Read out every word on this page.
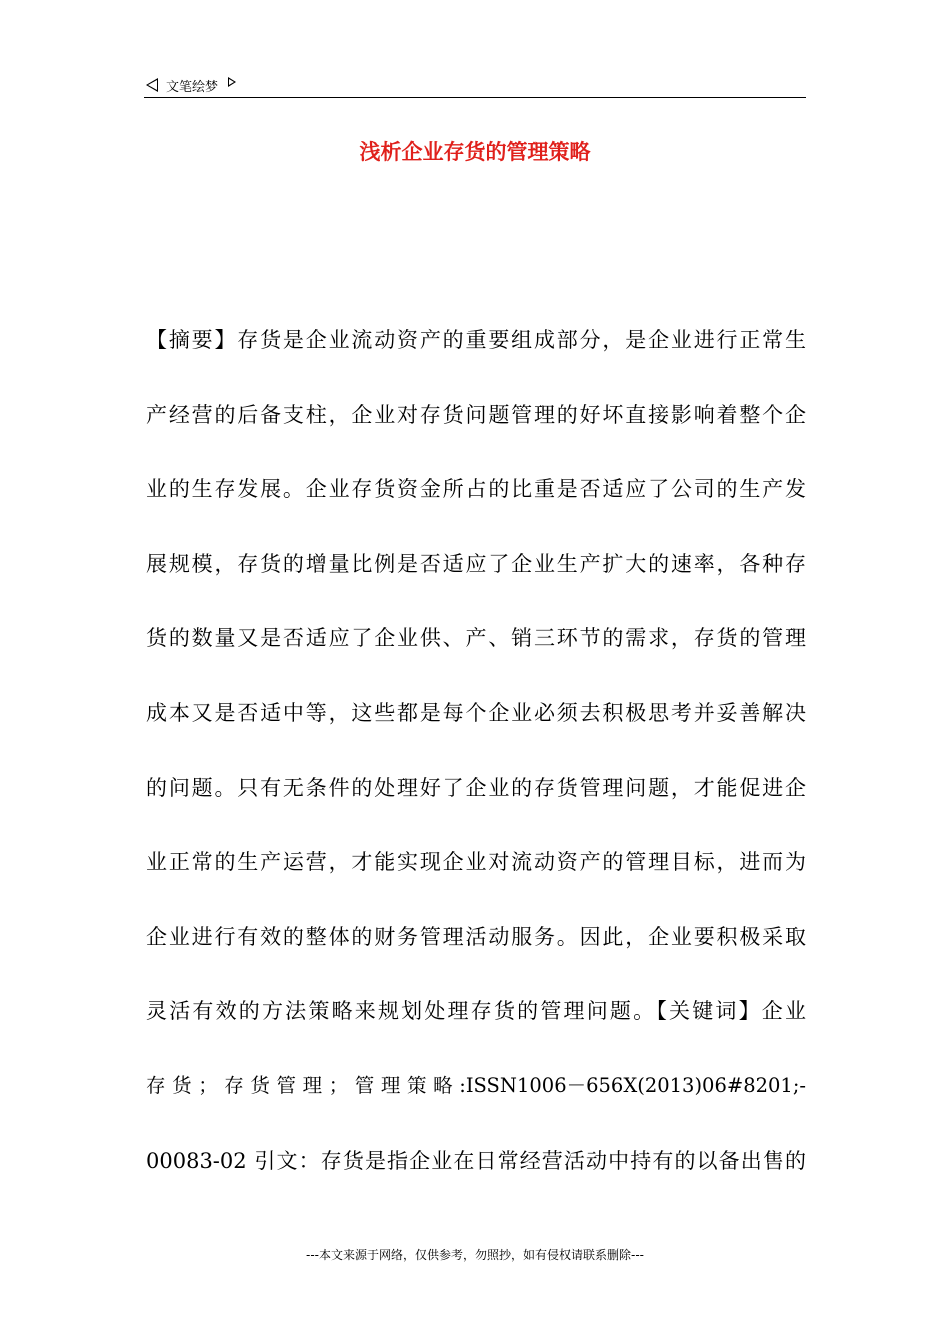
文笔绘梦
浅析企业存货的管理策略
【摘要】存货是企业流动资产的重要组成部分，是企业进行正常生
产经营的后备支柱，企业对存货问题管理的好坏直接影响着整个企
业的生存发展。企业存货资金所占的比重是否适应了公司的生产发
展规模，存货的增量比例是否适应了企业生产扩大的速率，各种存
货的数量又是否适应了企业供、产、销三环节的需求，存货的管理
成本又是否适中等，这些都是每个企业必须去积极思考并妥善解决
的问题。只有无条件的处理好了企业的存货管理问题，才能促进企
业正常的生产运营，才能实现企业对流动资产的管理目标，进而为
企业进行有效的整体的财务管理活动服务。因此，企业要积极采取
灵活有效的方法策略来规划处理存货的管理问题。【关键词】企业
存 货 ； 存 货 管 理 ； 管 理 策 略 :ISSN1006－656X(2013)06#8201;-
00083-02 引文：存货是指企业在日常经营活动中持有的以备出售的
---本文来源于网络，仅供参考，勿照抄，如有侵权请联系删除---
